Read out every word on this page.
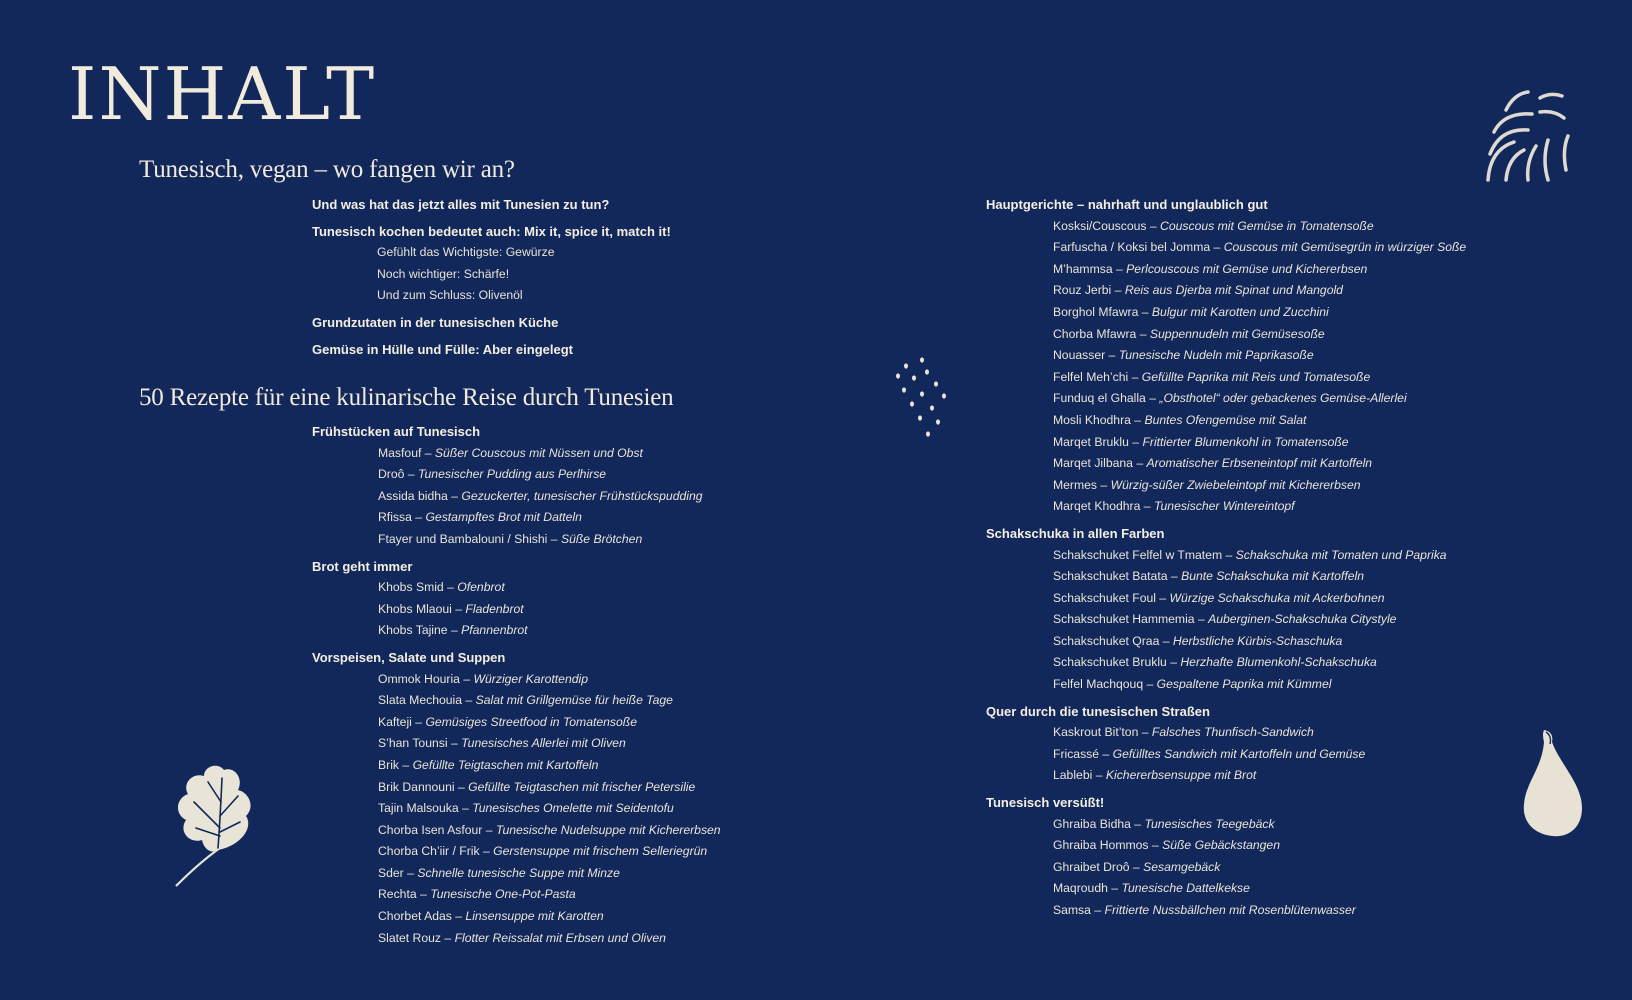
INHALT
Tunesisch, vegan – wo fangen wir an?
Und was hat das jetzt alles mit Tunesien zu tun?
Tunesisch kochen bedeutet auch: Mix it, spice it, match it!
Gefühlt das Wichtigste: Gewürze
Noch wichtiger: Schärfe!
Und zum Schluss: Olivenöl
Grundzutaten in der tunesischen Küche
Gemüse in Hülle und Fülle: Aber eingelegt
50 Rezepte für eine kulinarische Reise durch Tunesien
Frühstücken auf Tunesisch
Masfouf – Süßer Couscous mit Nüssen und Obst
Droô – Tunesischer Pudding aus Perlhirse
Assida bidha – Gezuckerter, tunesischer Frühstückspudding
Rfissa – Gestampftes Brot mit Datteln
Ftayer und Bambalouni / Shishi – Süße Brötchen
Brot geht immer
Khobs Smid – Ofenbrot
Khobs Mlaoui – Fladenbrot
Khobs Tajine – Pfannenbrot
Vorspeisen, Salate und Suppen
Ommok Houria – Würziger Karottendip
Slata Mechouia – Salat mit Grillgemüse für heiße Tage
Kafteji – Gemüsiges Streetfood in Tomatensoße
S’han Tounsi – Tunesisches Allerlei mit Oliven
Brik – Gefüllte Teigtaschen mit Kartoffeln
Brik Dannouni – Gefüllte Teigtaschen mit frischer Petersilie
Tajin Malsouka – Tunesisches Omelette mit Seidentofu
Chorba Isen Asfour – Tunesische Nudelsuppe mit Kichererbsen
Chorba Ch’iir / Frik – Gerstensuppe mit frischem Selleriegrün
Sder – Schnelle tunesische Suppe mit Minze
Rechta – Tunesische One-Pot-Pasta
Chorbet Adas – Linsensuppe mit Karotten
Slatet Rouz – Flotter Reissalat mit Erbsen und Oliven
Hauptgerichte – nahrhaft und unglaublich gut
Kosksi/Couscous – Couscous mit Gemüse in Tomatensoße
Farfuscha / Koksi bel Jomma – Couscous mit Gemüsegrün in würziger Soße
M’hammsa – Perlcouscous mit Gemüse und Kichererbsen
Rouz Jerbi – Reis aus Djerba mit Spinat und Mangold
Borghol Mfawra – Bulgur mit Karotten und Zucchini
Chorba Mfawra – Suppennudeln mit Gemüsesoße
Nouasser – Tunesische Nudeln mit Paprikasoße
Felfel Meh’chi – Gefüllte Paprika mit Reis und Tomatesoße
Funduq el Ghalla – „Obsthotel“ oder gebackenes Gemüse-Allerlei
Mosli Khodhra – Buntes Ofengemüse mit Salat
Marqet Bruklu – Frittierter Blumenkohl in Tomatensoße
Marqet Jilbana – Aromatischer Erbseneintopf mit Kartoffeln
Mermes – Würzig-süßer Zwiebeleintopf mit Kichererbsen
Marqet Khodhra – Tunesischer Wintereintopf
Schakschuka in allen Farben
Schakschuket Felfel w Tmatem – Schakschuka mit Tomaten und Paprika
Schakschuket Batata – Bunte Schakschuka mit Kartoffeln
Schakschuket Foul – Würzige Schakschuka mit Ackerbohnen
Schakschuket Hammemia – Auberginen-Schakschuka Citystyle
Schakschuket Qraa – Herbstliche Kürbis-Schaschuka
Schakschuket Bruklu – Herzhafte Blumenkohl-Schakschuka
Felfel Machqouq – Gespaltene Paprika mit Kümmel
Quer durch die tunesischen Straßen
Kaskrout Bit’ton – Falsches Thunfisch-Sandwich
Fricassé – Gefülltes Sandwich mit Kartoffeln und Gemüse
Lablebi – Kichererbsensuppe mit Brot
Tunesisch versüßt!
Ghraiba Bidha – Tunesisches Teegebäck
Ghraiba Hommos – Süße Gebäckstangen
Ghraibet Droô – Sesamgebäck
Maqroudh – Tunesische Dattelkekse
Samsa – Frittierte Nussbällchen mit Rosenblütenwasser
